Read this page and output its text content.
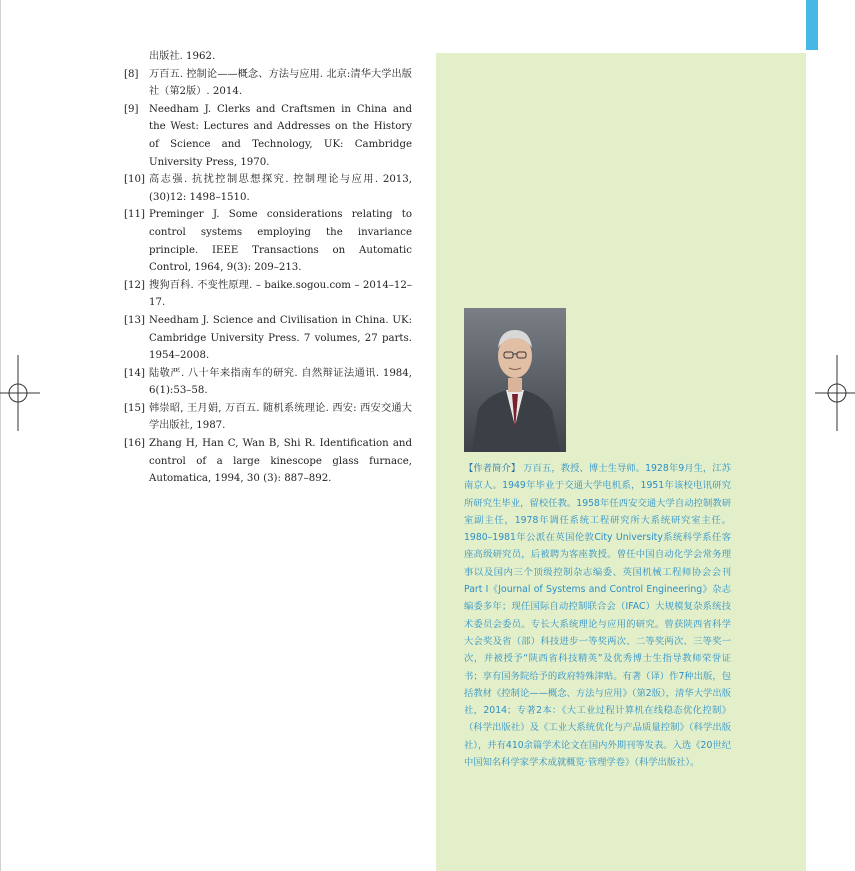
出版社. 1962.
[8] 万百五. 控制论——概念、方法与应用. 北京:清华大学出版社（第2版）. 2014.
[9] Needham J. Clerks and Craftsmen in China and the West: Lectures and Addresses on the History of Science and Technology, UK: Cambridge University Press, 1970.
[10] 高志强. 抗扰控制思想探究. 控制理论与应用. 2013, (30)12: 1498–1510.
[11] Preminger J. Some considerations relating to control systems employing the invariance principle. IEEE Transactions on Automatic Control, 1964, 9(3): 209–213.
[12] 搜狗百科. 不变性原理. – baike.sogou.com – 2014–12–17.
[13] Needham J. Science and Civilisation in China. UK: Cambridge University Press. 7 volumes, 27 parts. 1954–2008.
[14] 陆敬严. 八十年来指南车的研究. 自然辩证法通讯. 1984, 6(1):53–58.
[15] 韩崇昭, 王月娟, 万百五. 随机系统理论. 西安: 西安交通大学出版社, 1987.
[16] Zhang H, Han C, Wan B, Shi R. Identification and control of a large kinescope glass furnace, Automatica, 1994, 30 (3): 887–892.
【作者简介】 万百五，教授、博士生导师。1928年9月生，江苏南京人。1949年毕业于交通大学电机系，1951年该校电讯研究所研究生毕业，留校任教。1958年任西安交通大学自动控制教研室副主任，1978年调任系统工程研究所大系统研究室主任。1980–1981年公派在英国伦敦City University系统科学系任客座高级研究员，后被聘为客座教授。曾任中国自动化学会常务理事以及国内三个顶级控制杂志编委、英国机械工程师协会会刊 Part I《Journal of Systems and Control Engineering》杂志编委多年；现任国际自动控制联合会（IFAC）大规模复杂系统技术委员会委员。专长大系统理论与应用的研究。曾获陕西省科学大会奖及省（部）科技进步一等奖两次、二等奖两次、三等奖一次，并被授予“陕西省科技精英”及优秀博士生指导教师荣誉证书；享有国务院给予的政府特殊津贴。有著（译）作7种出版，包括教材《控制论——概念、方法与应用》（第2版），清华大学出版社，2014；专著2本：《大工业过程计算机在线稳态优化控制》（科学出版社）及《工业大系统优化与产品质量控制》（科学出版社），并有410余篇学术论文在国内外期刊等发表。入选《20世纪中国知名科学家学术成就概览·管理学卷》（科学出版社）。
